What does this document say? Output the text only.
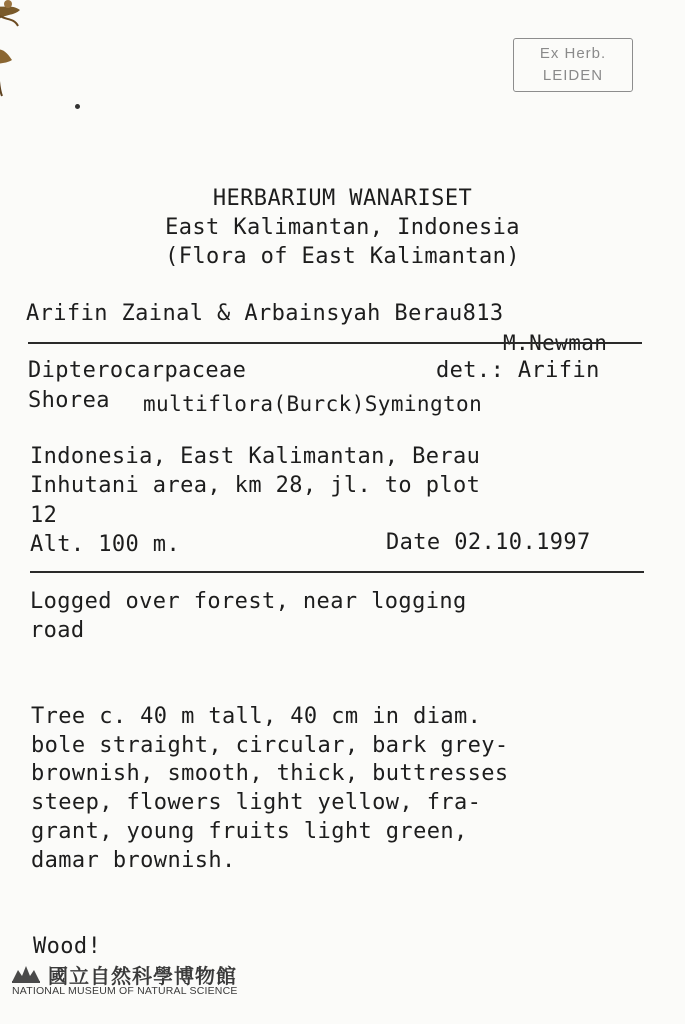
Ex Herb.
LEIDEN
HERBARIUM WANARISET
East Kalimantan, Indonesia
(Flora of East Kalimantan)
Arifin Zainal & Arbainsyah Berau813
M.Newman
Dipterocarpaceae	det.: Arifin
Shorea multiflora(Burck)Symington
Indonesia, East Kalimantan, Berau
Inhutani area, km 28, jl. to plot
12
Alt. 100 m.	Date 02.10.1997
Logged over forest, near logging
road
Tree c. 40 m tall, 40 cm in diam.
bole straight, circular, bark grey-
brownish, smooth, thick, buttresses
steep, flowers light yellow, fra-
grant, young fruits light green,
damar brownish.
Wood!
國立自然科學博物館
NATIONAL MUSEUM OF NATURAL SCIENCE
